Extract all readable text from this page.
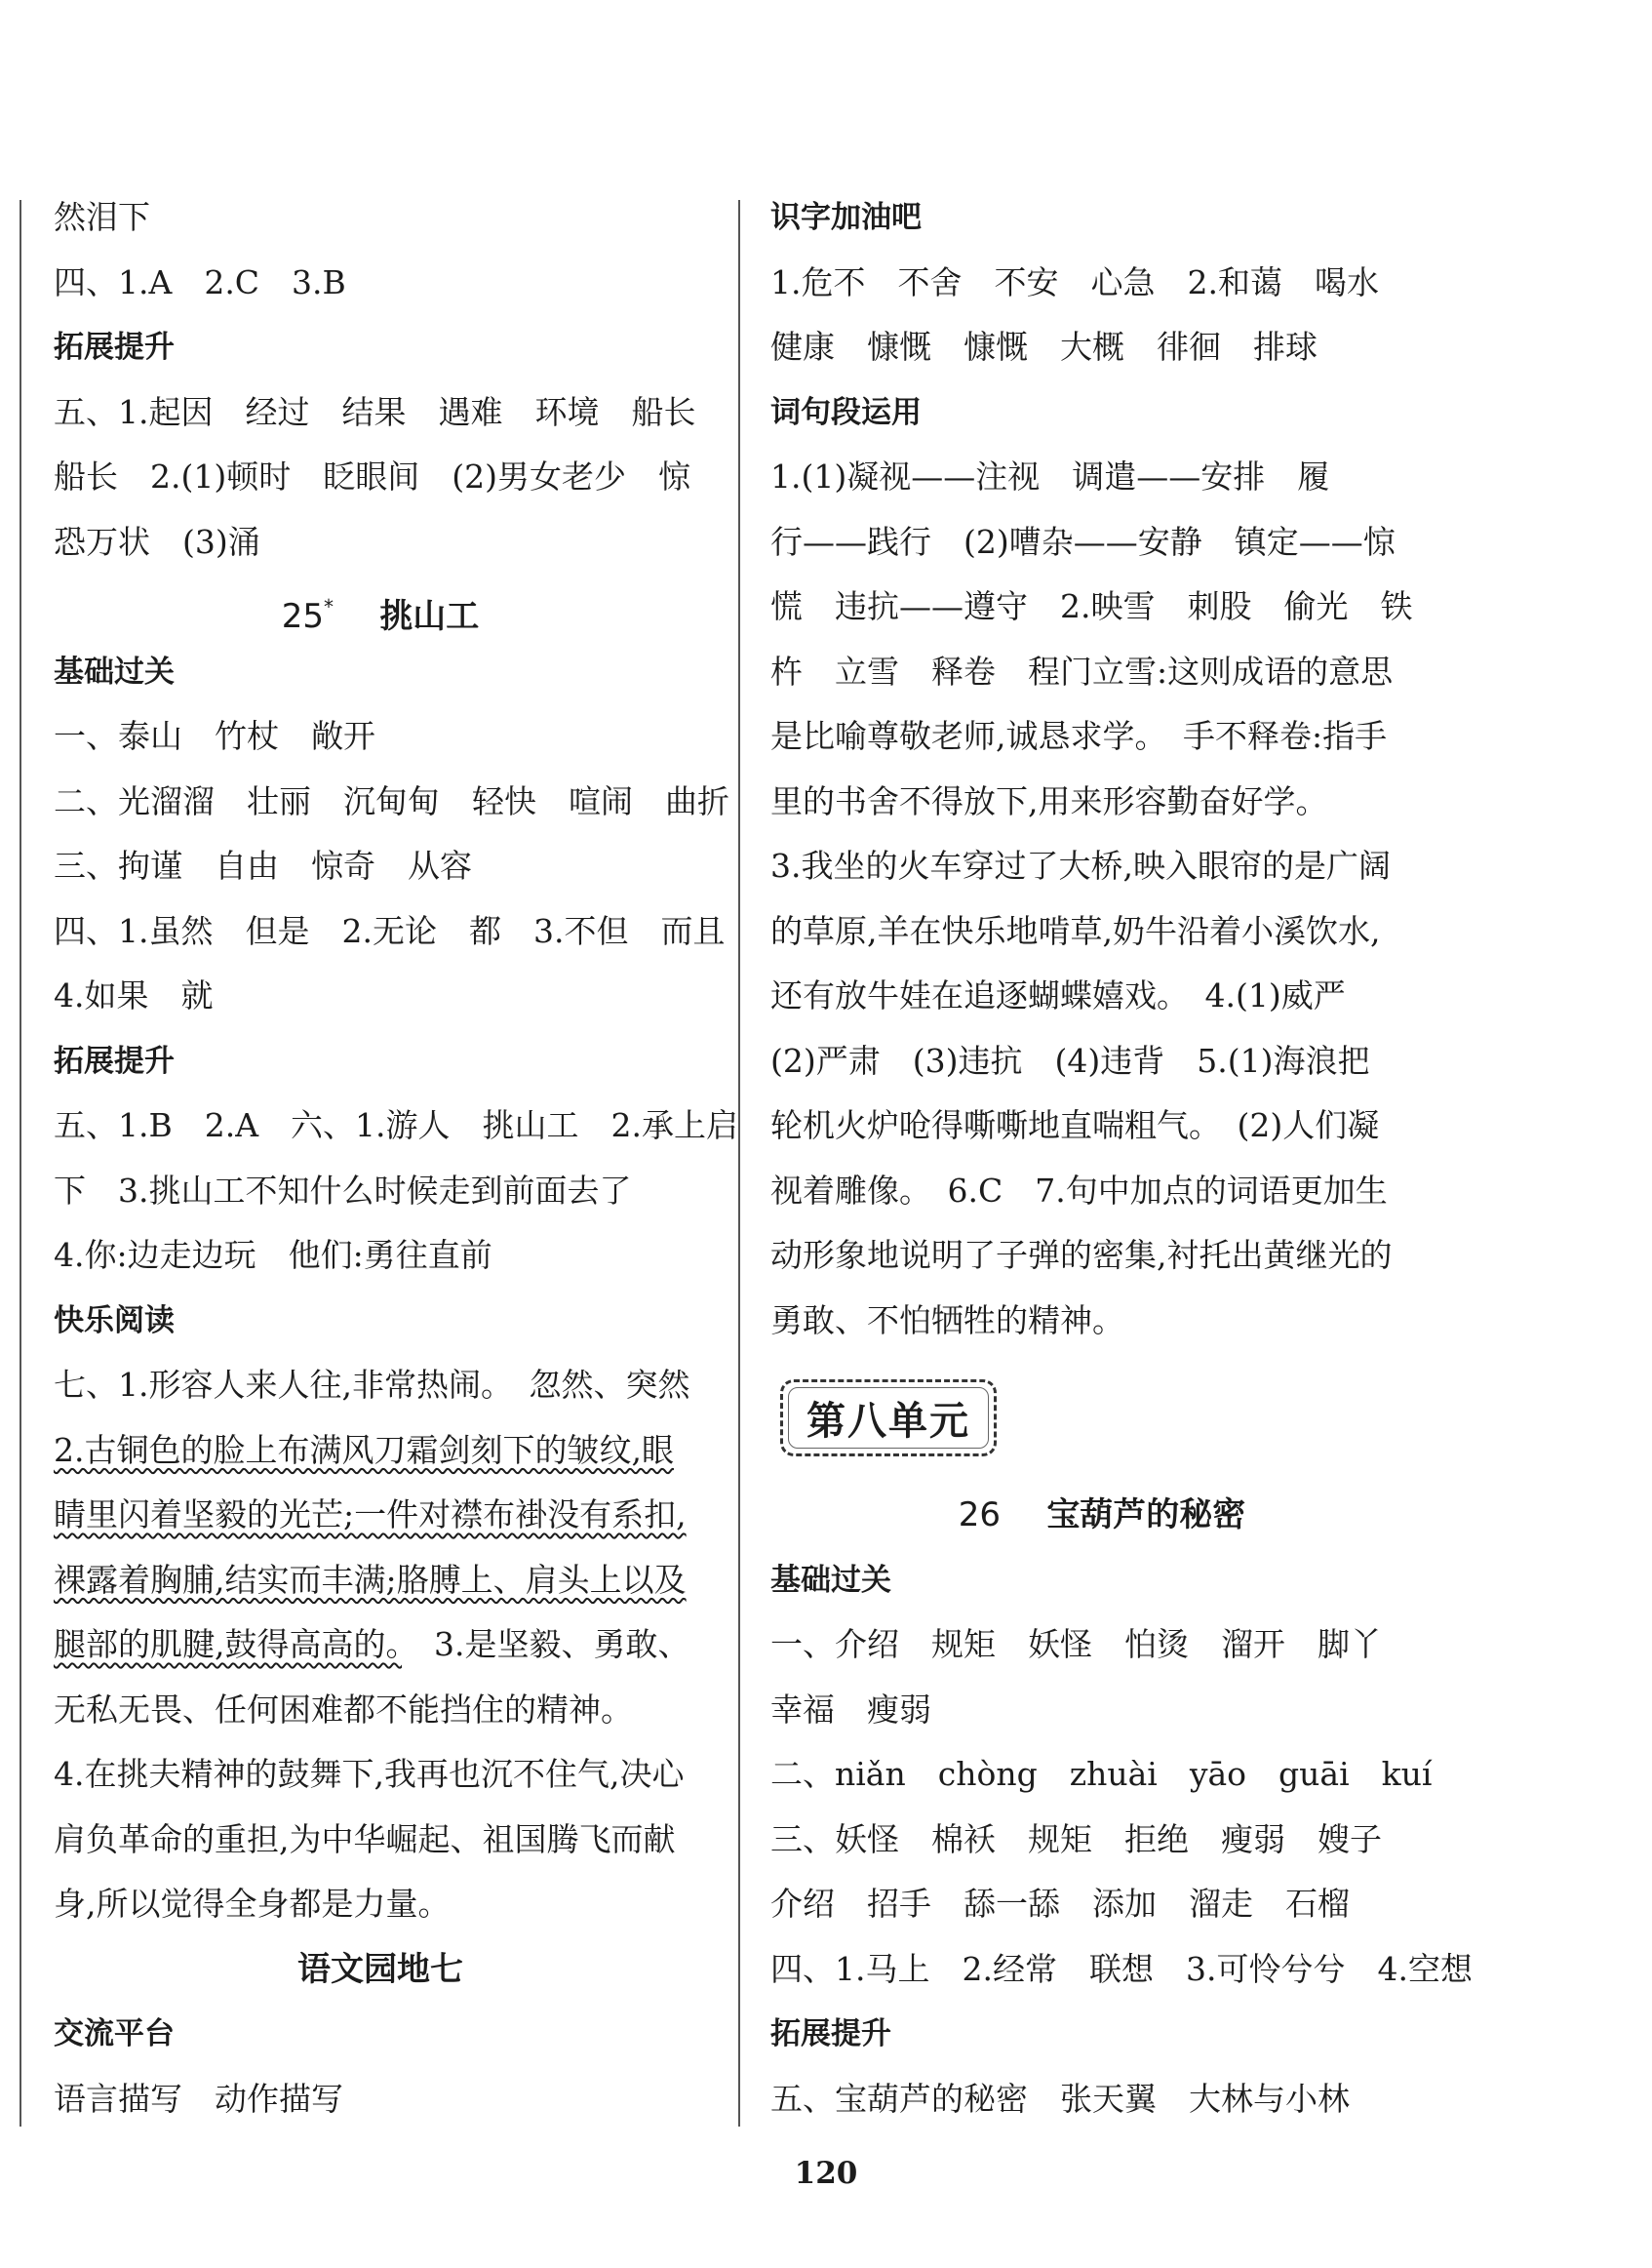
然泪下
四、1.A　2.C　3.B
拓展提升
五、1.起因　经过　结果　遇难　环境　船长
船长　2.(1)顿时　眨眼间　(2)男女老少　惊
恐万状　(3)涌
25* 挑山工
基础过关
一、泰山　竹杖　敞开
二、光溜溜　壮丽　沉甸甸　轻快　喧闹　曲折
三、拘谨　自由　惊奇　从容
四、1.虽然　但是　2.无论　都　3.不但　而且
4.如果　就
拓展提升
五、1.B　2.A　六、1.游人　挑山工　2.承上启
下　3.挑山工不知什么时候走到前面去了
4.你:边走边玩　他们:勇往直前
快乐阅读
七、1.形容人来人往,非常热闹。　忽然、突然
2.古铜色的脸上布满风刀霜剑刻下的皱纹,眼
睛里闪着坚毅的光芒;一件对襟布褂没有系扣,
裸露着胸脯,结实而丰满;胳膊上、肩头上以及
腿部的肌腱,鼓得高高的。　3.是坚毅、勇敢、
无私无畏、任何困难都不能挡住的精神。
4.在挑夫精神的鼓舞下,我再也沉不住气,决心
肩负革命的重担,为中华崛起、祖国腾飞而献
身,所以觉得全身都是力量。
语文园地七
交流平台
语言描写　动作描写
识字加油吧
1.危不　不舍　不安　心急　2.和蔼　喝水
健康　慷慨　慷慨　大概　徘徊　排球
词句段运用
1.(1)凝视——注视　调遣——安排　履
行——践行　(2)嘈杂——安静　镇定——惊
慌　违抗——遵守　2.映雪　刺股　偷光　铁
杵　立雪　释卷　程门立雪:这则成语的意思
是比喻尊敬老师,诚恳求学。　手不释卷:指手
里的书舍不得放下,用来形容勤奋好学。
3.我坐的火车穿过了大桥,映入眼帘的是广阔
的草原,羊在快乐地啃草,奶牛沿着小溪饮水,
还有放牛娃在追逐蝴蝶嬉戏。　4.(1)威严
(2)严肃　(3)违抗　(4)违背　5.(1)海浪把
轮机火炉呛得嘶嘶地直喘粗气。　(2)人们凝
视着雕像。　6.C　7.句中加点的词语更加生
动形象地说明了子弹的密集,衬托出黄继光的
勇敢、不怕牺牲的精神。
第八单元
26 宝葫芦的秘密
基础过关
一、介绍　规矩　妖怪　怕烫　溜开　脚丫
幸福　瘦弱
二、niǎn　chòng　zhuài　yāo　guāi　kuí
三、妖怪　棉袄　规矩　拒绝　瘦弱　嫂子
介绍　招手　舔一舔　添加　溜走　石榴
四、1.马上　2.经常　联想　3.可怜兮兮　4.空想
拓展提升
五、宝葫芦的秘密　张天翼　大林与小林
120
